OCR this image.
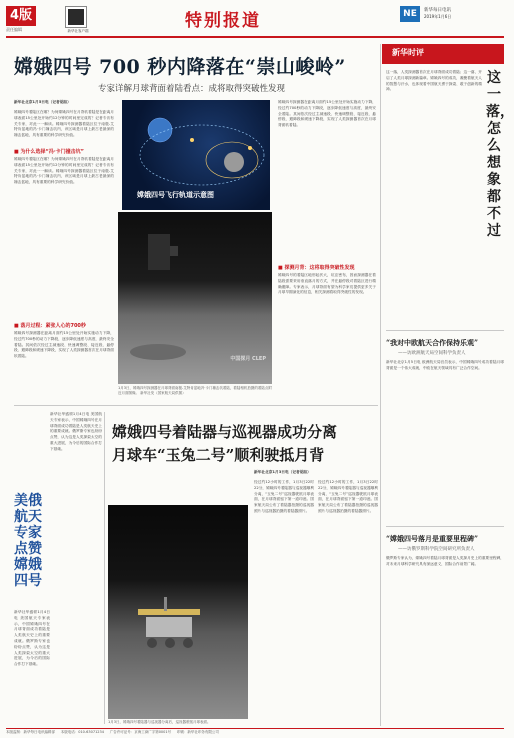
4版
责任编辑	新华社客户端	特别报道	NE	新华每日电讯
2019年1月6日
嫦娥四号 700 秒内降落在“崇山峻岭”
专家详解月球背面着陆看点：成将取得突破性发现
新华社北京1月5日电（记者胡喆）
嫦娥四号着陆区在哪？为何嫦娥四号在月背软着陆是在距离月球表面15公里处开始约12分钟的时间里完成的？记者专访有关专家，对此一一解读。嫦娥四号探测器着陆区位于南极-艾特肯盆地的冯·卡门撞击坑内，该区域是月球上最古老最深的撞击盆地，具有重要的科学研究价值。
■ 为什么选择“冯·卡门撞击坑”
嫦娥四号着陆区在哪？为何嫦娥四号在月背软着陆是在距离月球表面15公里处开始约12分钟的时间里完成的？记者专访有关专家，对此一一解读。嫦娥四号探测器着陆区位于南极-艾特肯盆地的冯·卡门撞击坑内，该区域是月球上最古老最深的撞击盆地，具有重要的科学研究价值。
■ 落月过程：紧张人心的700秒
嫦娥四号探测器在距离月面约15公里处开始实施动力下降，经过约700秒的动力下降段，逐步降低速度与高度，最终安全着陆。其间依次经过主减速段、快速调整段、接近段、悬停段、避障段和缓速下降段，实现了人类探测器首次在月球背面软着陆。
嫦娥四号飞行轨道示意图
中国探月 CLEP
1月3日，嫦娥四号探测器在月球背面南极-艾特肯盆地冯·卡门撞击坑着陆，着陆相机拍摄的着陆点附近月面图像。 新华社发（国家航天局供图）
嫦娥四号探测器在距离月面约15公里处开始实施动力下降，经过约700秒的动力下降段，逐步降低速度与高度，最终安全着陆。其间依次经过主减速段、快速调整段、接近段、悬停段、避障段和缓速下降段，实现了人类探测器首次在月球背面软着陆。
■ 探测月背：这将取得突破性发现
嫦娥四号的着陆区地形起伏大，坑洼密布，因而探测器在着陆段需要采用垂直落月的方式，并在悬停段对着陆区进行精确避障。专家表示，月球背面有望为科学家们提供更多关于月球早期演化的信息，相关探测将取得突破性的发现。
新华时评
这一落，怎么想象都不过
这一落，人类探测器首次在月球背面成功着陆；这一落，开启了人类月球探测新篇章。嫦娥四号的成功，凝聚着航天人的智慧与汗水，也体现着中国航天勇于探索、敢于创新的精神。
“我对中欧航天合作保持乐观”
——访欧洲航天局空间科学负责人
新华社北京1月5日电 欧洲航天局官员表示，中国嫦娥四号成功着陆月球背面是一个伟大成就，中欧在航天领域具有广泛合作空间。
“嫦娥四号落月是重要里程碑”
——访俄罗斯科学院空间研究所负责人
俄罗斯专家认为，嫦娥四号着陆月球背面是人类探月史上的重要里程碑，对未来月球科学研究具有深远意义，国际合作前景广阔。
美俄航天专家点赞嫦娥四号
新华社华盛顿1月4日电 美国航天专家表示，中国嫦娥四号在月球背面成功着陆是人类航天史上的重要成就。俄罗斯专家也纷纷点赞，认为这是人类探索太空的重大进展，为今后的国际合作打下基础。
新华社华盛顿1月4日电 美国航天专家表示，中国嫦娥四号在月球背面成功着陆是人类航天史上的重要成就。俄罗斯专家也纷纷点赞，认为这是人类探索太空的重大进展，为今后的国际合作打下基础。
嫦娥四号着陆器与巡视器成功分离
月球车“玉兔二号”顺利驶抵月背
1月3日，嫦娥四号着陆器与巡视器分离后，巡视器驶抵月球表面。
新华社北京1月3日电（记者胡喆）
经过约12小时的工作，1月3日22时22分，嫦娥四号着陆器与巡视器顺利分离，“玉兔二号”巡视器驶抵月球表面，在月球背面留下第一道印迹。国家航天局公布了着陆器拍摄的巡视器照片与巡视器拍摄的着陆器照片。
经过约12小时的工作，1月3日22时22分，嫦娥四号着陆器与巡视器顺利分离，“玉兔二号”巡视器驶抵月球表面，在月球背面留下第一道印迹。国家航天局公布了着陆器拍摄的巡视器照片与巡视器拍摄的着陆器照片。
本版监制：新华每日电讯编辑部 　 本版电话：010-63071234 　 广告许可证号：京海工商广字第0001号 　 印刷：新华社印务有限公司
